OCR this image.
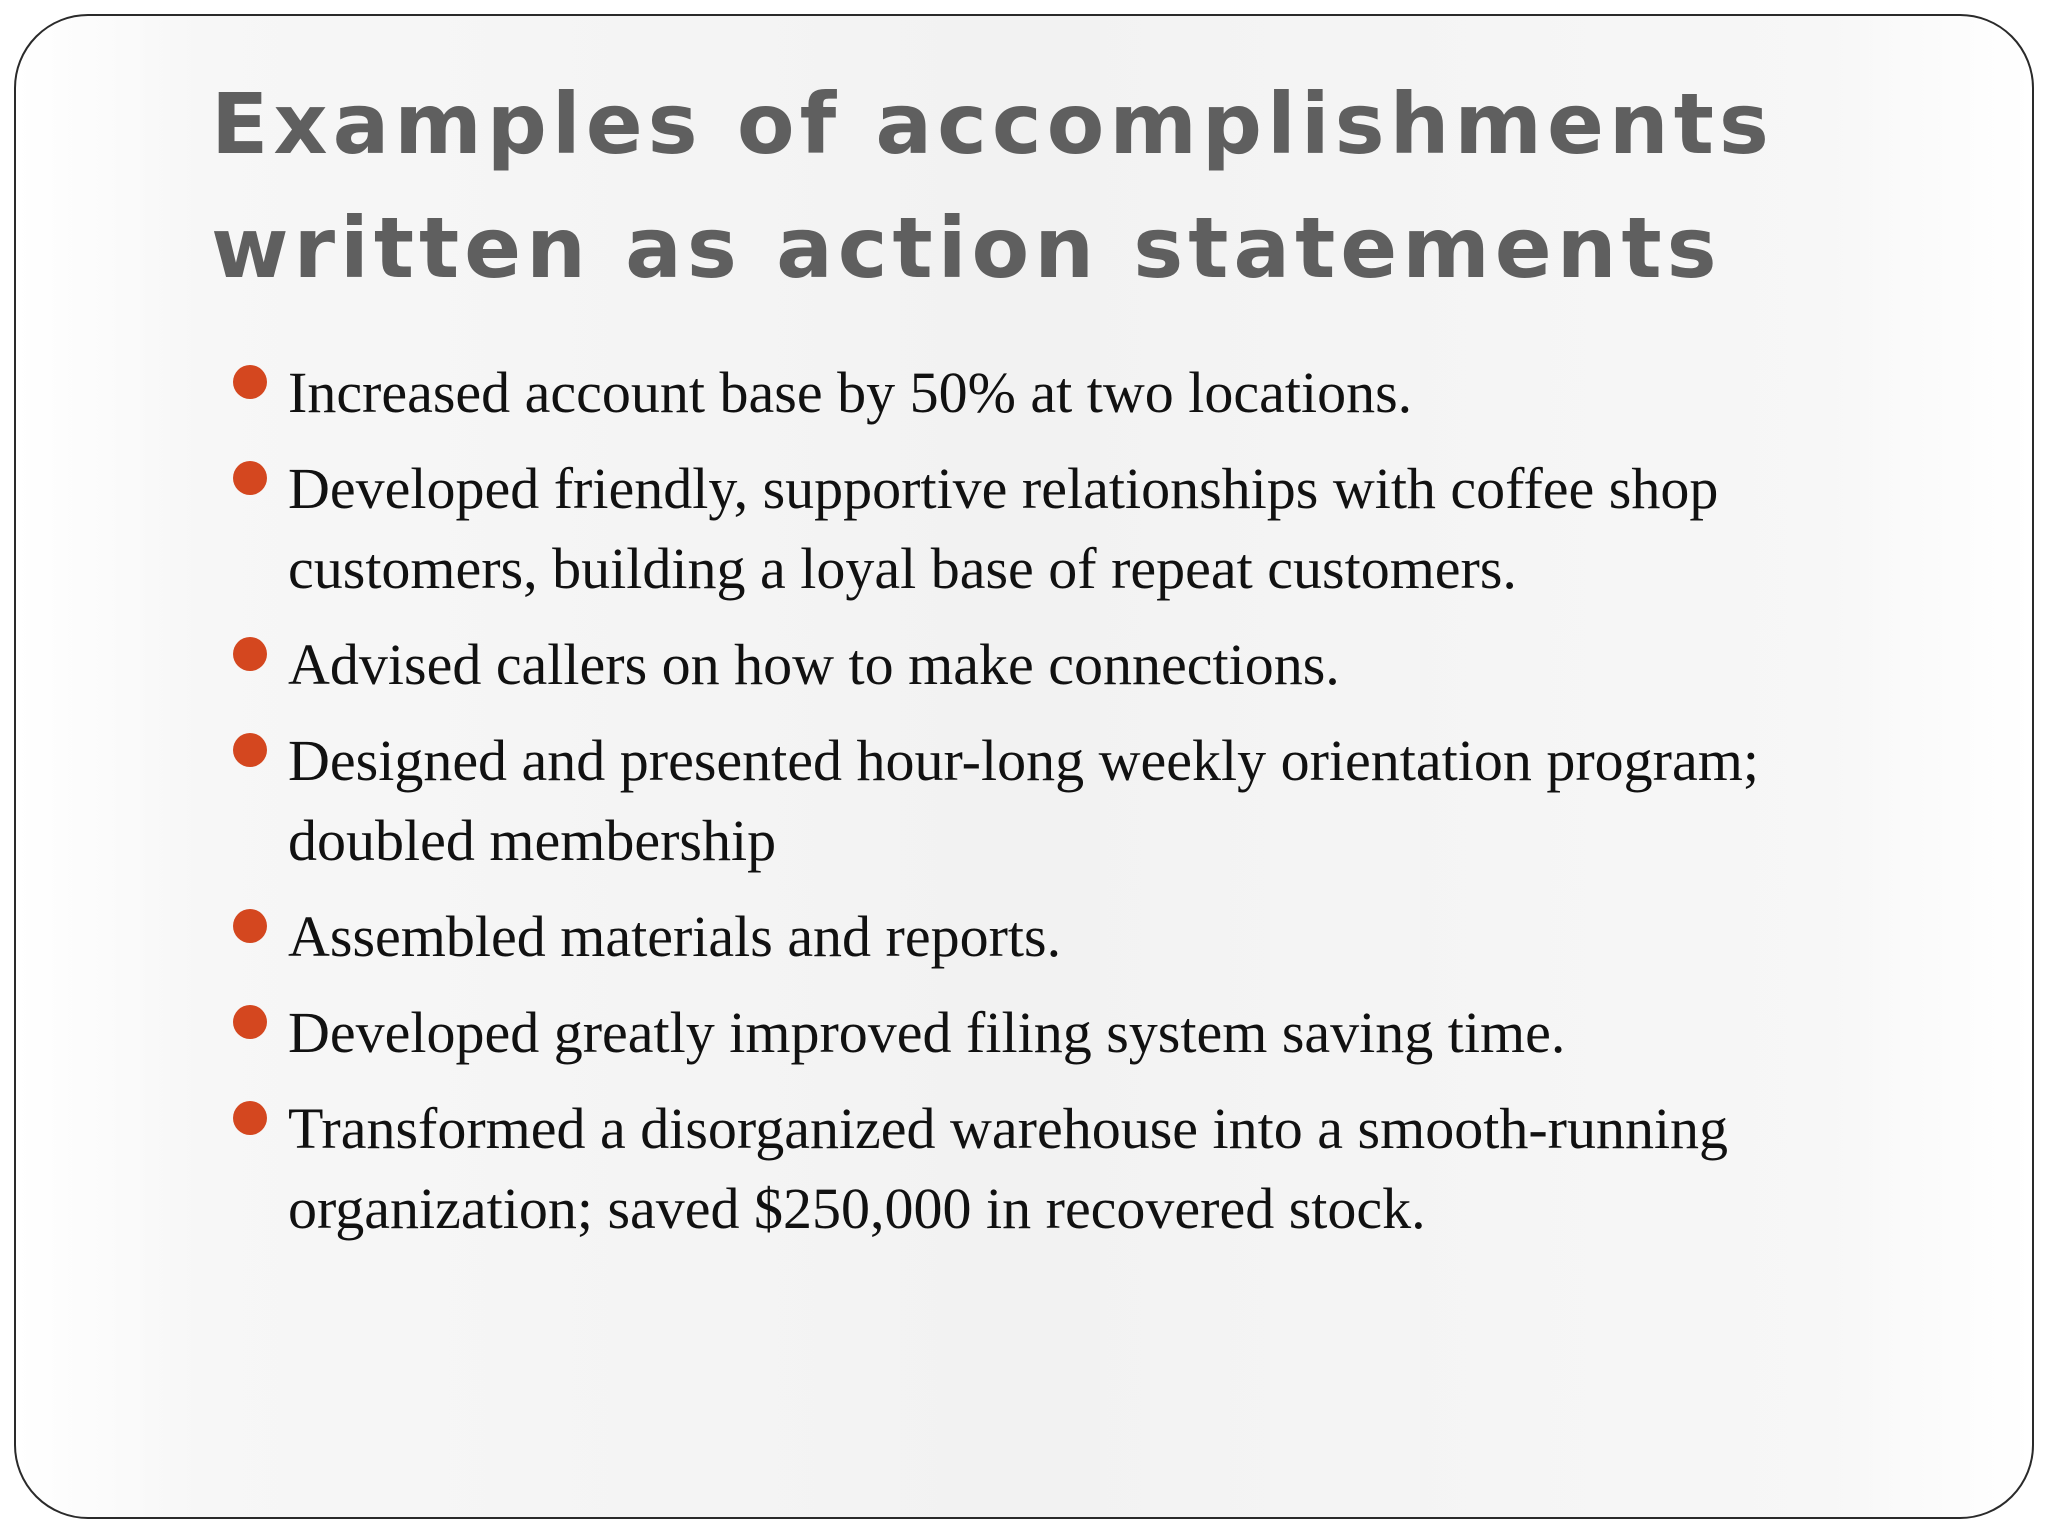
Examples of accomplishments written as action statements
Increased account base by 50% at two locations.
Developed friendly, supportive relationships with coffee shop customers, building a loyal base of repeat customers.
Advised callers on how to make connections.
Designed and presented hour-long weekly orientation program; doubled membership
Assembled materials and reports.
Developed greatly improved filing system saving time.
Transformed a disorganized warehouse into a smooth-running organization; saved $250,000 in recovered stock.
